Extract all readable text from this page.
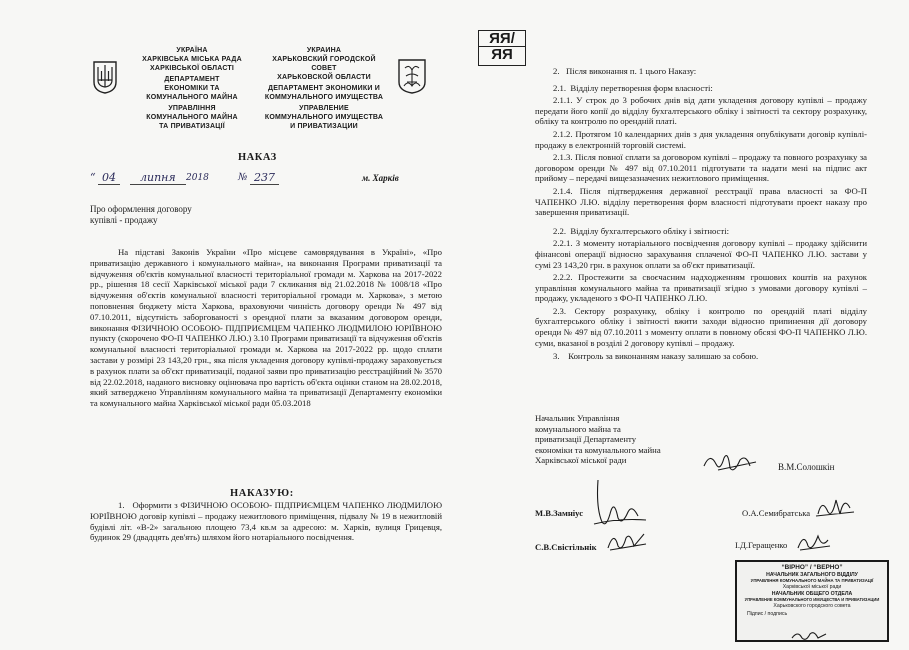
УКРАЇНА
ХАРКІВСЬКА МІСЬКА РАДА
ХАРКІВСЬКОЇ ОБЛАСТІ
ДЕПАРТАМЕНТ
ЕКОНОМІКИ ТА
КОМУНАЛЬНОГО МАЙНА
УПРАВЛІННЯ
КОМУНАЛЬНОГО МАЙНА
ТА ПРИВАТИЗАЦІЇ
УКРАИНА
ХАРЬКОВСКИЙ ГОРОДСКОЙ
СОВЕТ
ХАРЬКОВСКОЙ ОБЛАСТИ
ДЕПАРТАМЕНТ ЭКОНОМИКИ И
КОММУНАЛЬНОГО ИМУЩЕСТВА
УПРАВЛЕНИЕ
КОММУНАЛЬНОГО ИМУЩЕСТВА
И ПРИВАТИЗАЦИИ
ЯЯ/
ЯЯ
НАКАЗ
“ 04	липня	2018	№ 237	м. Харків
Про оформлення договору
купівлі - продажу
На підставі Законів України «Про місцеве самоврядування в Україні», «Про приватизацію державного і комунального майна», на виконання Програми приватизації та відчуження об'єктів комунальної власності територіальної громади м. Харкова на 2017-2022 рр., рішення 18 сесії Харківської міської ради 7 скликання від 21.02.2018 № 1008/18 «Про відчуження об'єктів комунальної власності територіальної громади м. Харкова», з метою поповнення бюджету міста Харкова, враховуючи чинність договору оренди № 497 від 07.10.2011, відсутність заборгованості з орендної плати за вказаним договором оренди, виконання ФІЗИЧНОЮ ОСОБОЮ- ПІДПРИЄМЦЕМ ЧАПЕНКО ЛЮДМИЛОЮ ЮРІЇВНОЮ пункту (скорочено ФО-П ЧАПЕНКО Л.Ю.) 3.10 Програми приватизації та відчуження об'єктів комунальної власності територіальної громади м. Харкова на 2017-2022 рр. щодо сплати застави у розмірі 23 143,20 грн., яка після укладення договору купівлі-продажу зараховується в рахунок плати за об'єкт приватизації, поданої заяви про приватизацію реєстраційний № 3570 від 22.02.2018, наданого висновку оцінювача про вартість об'єкта оцінки станом на 28.02.2018, який затверджено Управлінням комунального майна та приватизації Департаменту економіки та комунального майна Харківської міської ради 05.03.2018
НАКАЗУЮ:
1. Оформити з ФІЗИЧНОЮ ОСОБОЮ- ПІДПРИЄМЦЕМ ЧАПЕНКО ЛЮДМИЛОЮ ЮРІЇВНОЮ договір купівлі – продажу нежитлового приміщення, підвалу № 19 в нежитловій будівлі літ. «В-2» загальною площею 73,4 кв.м за адресою: м. Харків, вулиця Грицевця, будинок 29 (двадцять дев'ять) шляхом його нотаріального посвідчення.
2. Після виконання п. 1 цього Наказу:
2.1. Відділу перетворення форм власності:
2.1.1. У строк до 3 робочих днів від дати укладення договору купівлі – продажу передати його копії до відділу бухгалтерського обліку і звітності та сектору розрахунку, обліку та контролю по орендній платі.
2.1.2. Протягом 10 календарних днів з дня укладення опублікувати договір купівлі-продажу в електронній торговій системі.
2.1.3. Після повної сплати за договором купівлі – продажу та повного розрахунку за договором оренди № 497 від 07.10.2011 підготувати та надати мені на підпис акт прийому – передачі вищезазначених нежитлового приміщення.
2.1.4. Після підтвердження державної реєстрації права власності за ФО-П ЧАПЕНКО Л.Ю. відділу перетворення форм власності підготувати проект наказу про завершення приватизації.
2.2. Відділу бухгалтерського обліку і звітності:
2.2.1. З моменту нотаріального посвідчення договору купівлі – продажу здійснити фінансові операції відносно зарахування сплаченої ФО-П ЧАПЕНКО Л.Ю. застави у сумі 23 143,20 грн. в рахунок оплати за об'єкт приватизації.
2.2.2. Простежити за своєчасним надходженням грошових коштів на рахунок управління комунального майна та приватизації згідно з умовами договору купівлі – продажу, укладеного з ФО-П ЧАПЕНКО Л.Ю.
2.3. Сектору розрахунку, обліку і контролю по орендній платі відділу бухгалтерського обліку і звітності вжити заходи відносно припинення дії договору оренди № 497 від 07.10.2011 з моменту оплати в повному обсязі ФО-П ЧАПЕНКО Л.Ю. суми, вказаної в розділі 2 договору купівлі – продажу.
3. Контроль за виконанням наказу залишаю за собою.
Начальник Управління
комунального майна та
приватизації Департаменту
економіки та комунального майна
Харківської міської ради
В.М.Солошкін
М.В.Замніус
С.В.Свістільнік
О.А.Семибратська
І.Д.Геращенко
“ВІРНО” / “ВЕРНО”
НАЧАЛЬНИК ЗАГАЛЬНОГО ВІДДІЛУ
УПРАВЛІННЯ КОМУНАЛЬНОГО МАЙНА ТА ПРИВАТИЗАЦІЇ
Харківської міської ради
НАЧАЛЬНИК ОБЩЕГО ОТДЕЛА
УПРАВЛЕНИЕ КОММУНАЛЬНОГО ИМУЩЕСТВА И ПРИВАТИЗАЦИИ
Харьковского городского совета
Підпис / подпись
